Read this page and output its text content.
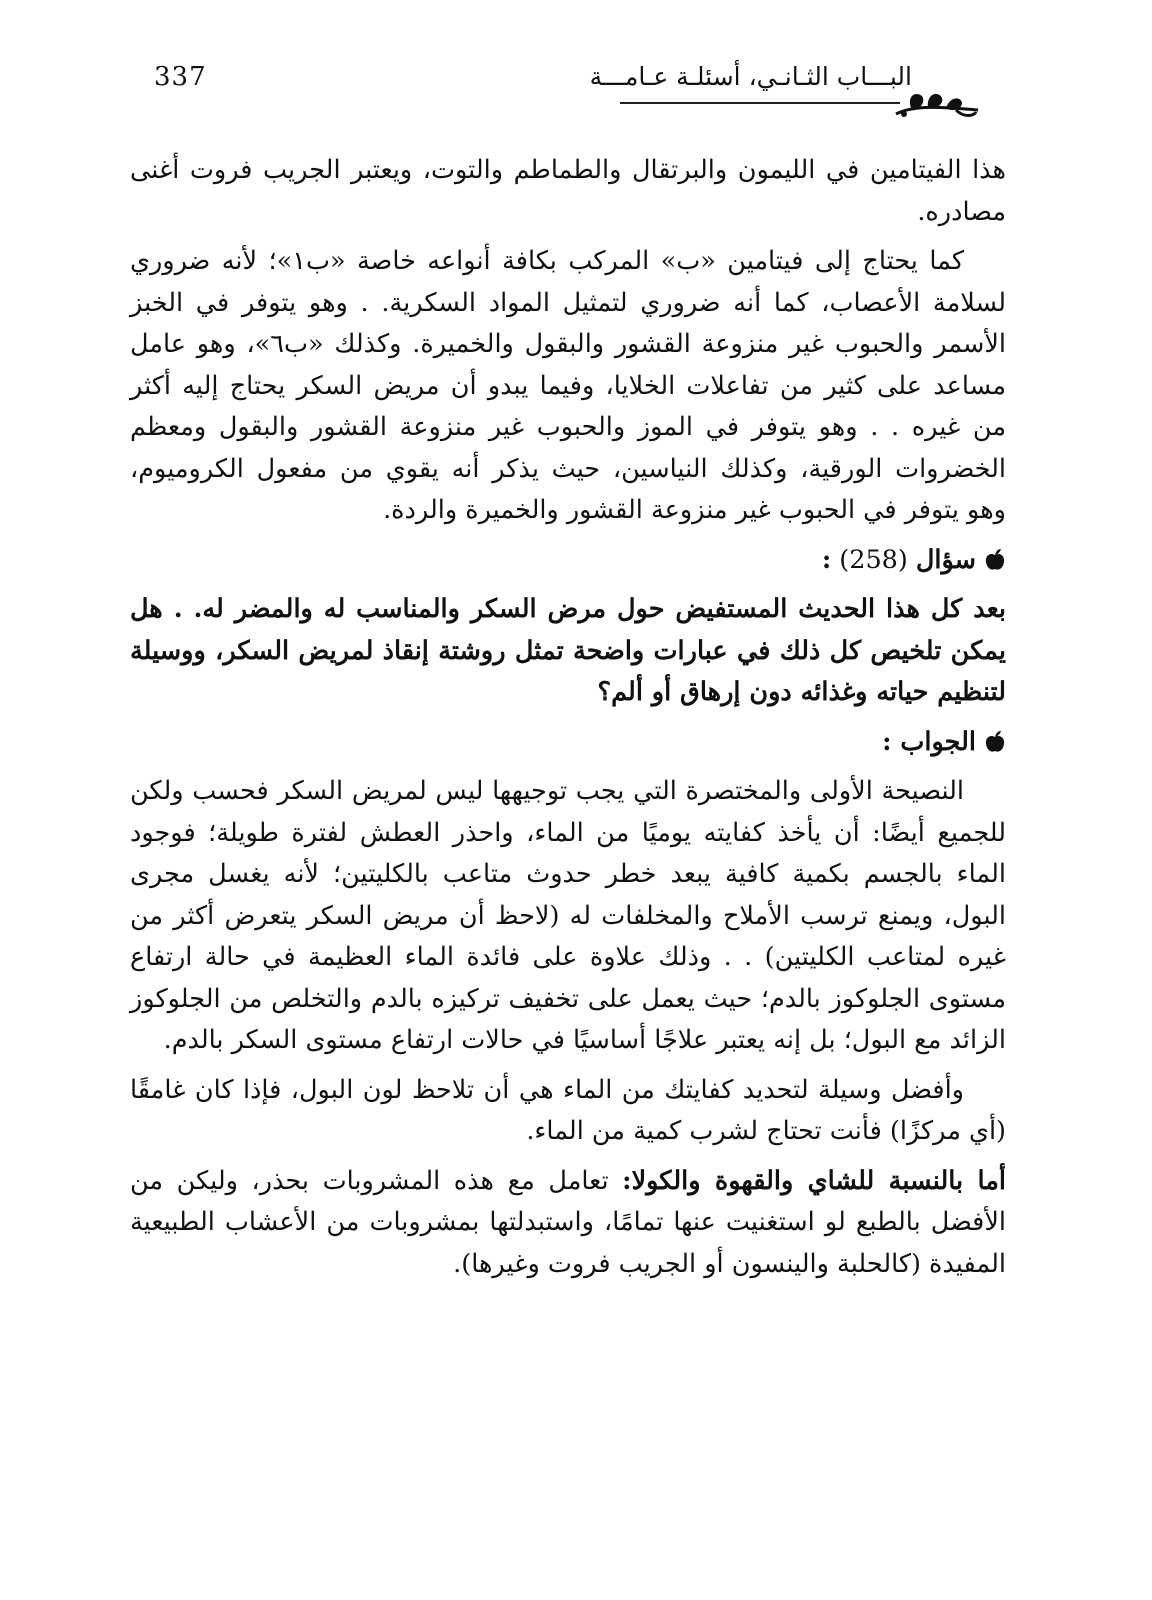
337	البـــاب الثـانـي، أسئلـة عـامـــة

هذا الفيتامين في الليمون والبرتقال والطماطم والتوت، ويعتبر الجريب فروت أغنى مصادره.

كما يحتاج إلى فيتامين «ب» المركب بكافة أنواعه خاصة «ب١»؛ لأنه ضروري لسلامة الأعصاب، كما أنه ضروري لتمثيل المواد السكرية. . وهو يتوفر في الخبز الأسمر والحبوب غير منزوعة القشور والبقول والخميرة. وكذلك «ب٦»، وهو عامل مساعد على كثير من تفاعلات الخلايا، وفيما يبدو أن مريض السكر يحتاج إليه أكثر من غيره . . وهو يتوفر في الموز والحبوب غير منزوعة القشور والبقول ومعظم الخضروات الورقية، وكذلك النياسين، حيث يذكر أنه يقوي من مفعول الكروميوم، وهو يتوفر في الحبوب غير منزوعة القشور والخميرة والردة.

سؤال
(258)
:

بعد كل هذا الحديث المستفيض حول مرض السكر والمناسب له والمضر له. . هل يمكن تلخيص كل ذلك في عبارات واضحة تمثل روشتة إنقاذ لمريض السكر، ووسيلة لتنظيم حياته وغذائه دون إرهاق أو ألم؟

الجواب :

النصيحة الأولى والمختصرة التي يجب توجيهها ليس لمريض السكر فحسب ولكن للجميع أيضًا: أن يأخذ كفايته يوميًا من الماء، واحذر العطش لفترة طويلة؛ فوجود الماء بالجسم بكمية كافية يبعد خطر حدوث متاعب بالكليتين؛ لأنه يغسل مجرى البول، ويمنع ترسب الأملاح والمخلفات له (لاحظ أن مريض السكر يتعرض أكثر من غيره لمتاعب الكليتين) . . وذلك علاوة على فائدة الماء العظيمة في حالة ارتفاع مستوى الجلوكوز بالدم؛ حيث يعمل على تخفيف تركيزه بالدم والتخلص من الجلوكوز الزائد مع البول؛ بل إنه يعتبر علاجًا أساسيًا في حالات ارتفاع مستوى السكر بالدم.

وأفضل وسيلة لتحديد كفايتك من الماء هي أن تلاحظ لون البول، فإذا كان غامقًا (أي مركزًا) فأنت تحتاج لشرب كمية من الماء.

أما بالنسبة للشاي والقهوة والكولا: تعامل مع هذه المشروبات بحذر، وليكن من الأفضل بالطبع لو استغنيت عنها تمامًا، واستبدلتها بمشروبات من الأعشاب الطبيعية المفيدة (كالحلبة والينسون أو الجريب فروت وغيرها).
